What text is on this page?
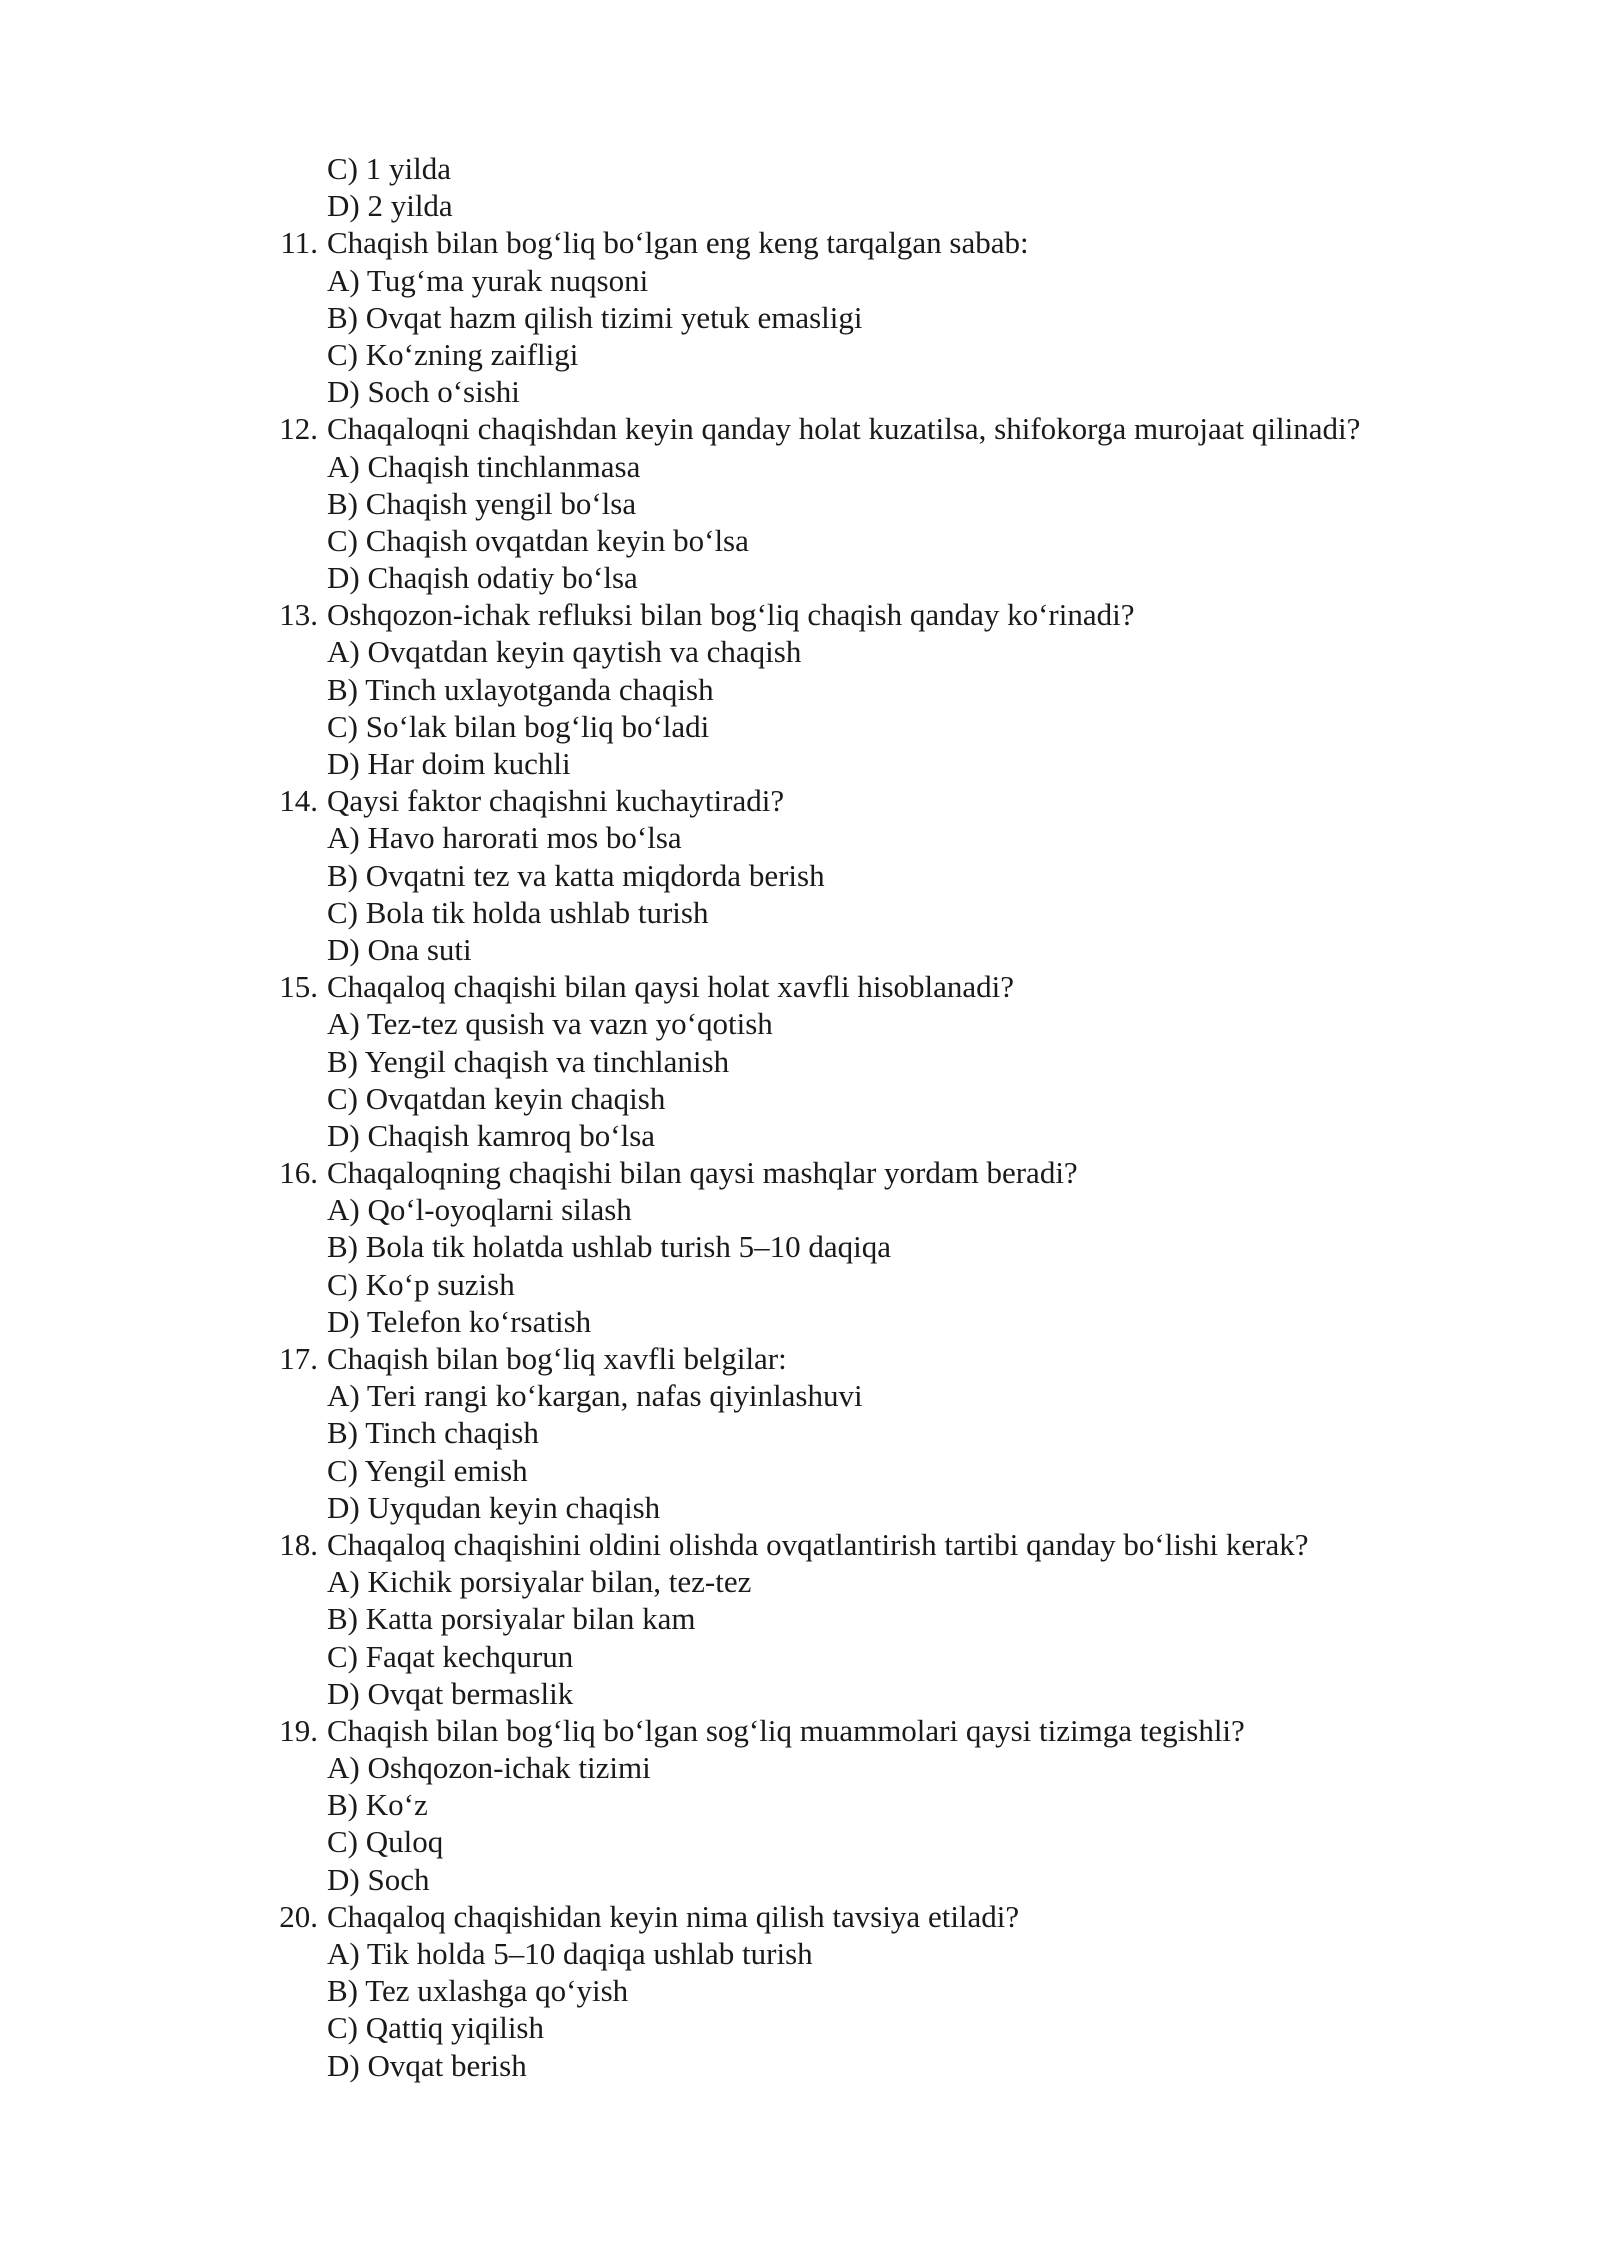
C) 1 yilda
D) 2 yilda
11. Chaqish bilan bog‘liq bo‘lgan eng keng tarqalgan sabab:
A) Tug‘ma yurak nuqsoni
B) Ovqat hazm qilish tizimi yetuk emasligi
C) Ko‘zning zaifligi
D) Soch o‘sishi
12. Chaqaloqni chaqishdan keyin qanday holat kuzatilsa, shifokorga murojaat qilinadi?
A) Chaqish tinchlanmasa
B) Chaqish yengil bo‘lsa
C) Chaqish ovqatdan keyin bo‘lsa
D) Chaqish odatiy bo‘lsa
13. Oshqozon-ichak refluksi bilan bog‘liq chaqish qanday ko‘rinadi?
A) Ovqatdan keyin qaytish va chaqish
B) Tinch uxlayotganda chaqish
C) So‘lak bilan bog‘liq bo‘ladi
D) Har doim kuchli
14. Qaysi faktor chaqishni kuchaytiradi?
A) Havo harorati mos bo‘lsa
B) Ovqatni tez va katta miqdorda berish
C) Bola tik holda ushlab turish
D) Ona suti
15. Chaqaloq chaqishi bilan qaysi holat xavfli hisoblanadi?
A) Tez-tez qusish va vazn yo‘qotish
B) Yengil chaqish va tinchlanish
C) Ovqatdan keyin chaqish
D) Chaqish kamroq bo‘lsa
16. Chaqaloqning chaqishi bilan qaysi mashqlar yordam beradi?
A) Qo‘l-oyoqlarni silash
B) Bola tik holatda ushlab turish 5–10 daqiqa
C) Ko‘p suzish
D) Telefon ko‘rsatish
17. Chaqish bilan bog‘liq xavfli belgilar:
A) Teri rangi ko‘kargan, nafas qiyinlashuvi
B) Tinch chaqish
C) Yengil emish
D) Uyqudan keyin chaqish
18. Chaqaloq chaqishini oldini olishda ovqatlantirish tartibi qanday bo‘lishi kerak?
A) Kichik porsiyalar bilan, tez-tez
B) Katta porsiyalar bilan kam
C) Faqat kechqurun
D) Ovqat bermaslik
19. Chaqish bilan bog‘liq bo‘lgan sog‘liq muammolari qaysi tizimga tegishli?
A) Oshqozon-ichak tizimi
B) Ko‘z
C) Quloq
D) Soch
20. Chaqaloq chaqishidan keyin nima qilish tavsiya etiladi?
A) Tik holda 5–10 daqiqa ushlab turish
B) Tez uxlashga qo‘yish
C) Qattiq yiqilish
D) Ovqat berish
